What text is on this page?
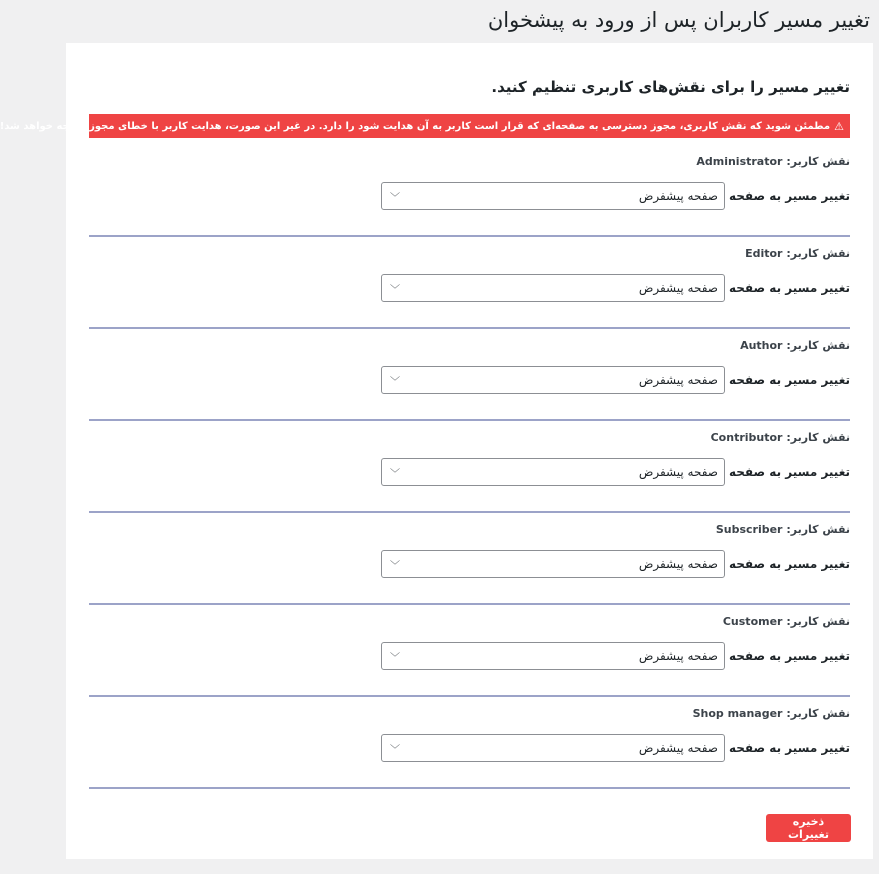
تغییر مسیر کاربران پس از ورود به پیشخوان
تغییر مسیر را برای نقش‌های کاربری تنظیم کنید.
⚠
مطمئن شوید که نقش کاربری، مجوز دسترسی به صفحه‌ای که قرار است کاربر به آن هدایت شود را دارد. در غیر این صورت، هدایت کاربر با خطای مجوز مواجه خواهد شد!
نقش کاربر: Administrator
تغییر مسیر به صفحه
صفحه پیشفرض
﹀
نقش کاربر: Editor
تغییر مسیر به صفحه
صفحه پیشفرض
﹀
نقش کاربر: Author
تغییر مسیر به صفحه
صفحه پیشفرض
﹀
نقش کاربر: Contributor
تغییر مسیر به صفحه
صفحه پیشفرض
﹀
نقش کاربر: Subscriber
تغییر مسیر به صفحه
صفحه پیشفرض
﹀
نقش کاربر: Customer
تغییر مسیر به صفحه
صفحه پیشفرض
﹀
نقش کاربر: Shop manager
تغییر مسیر به صفحه
صفحه پیشفرض
﹀
ذخیره تغییرات
